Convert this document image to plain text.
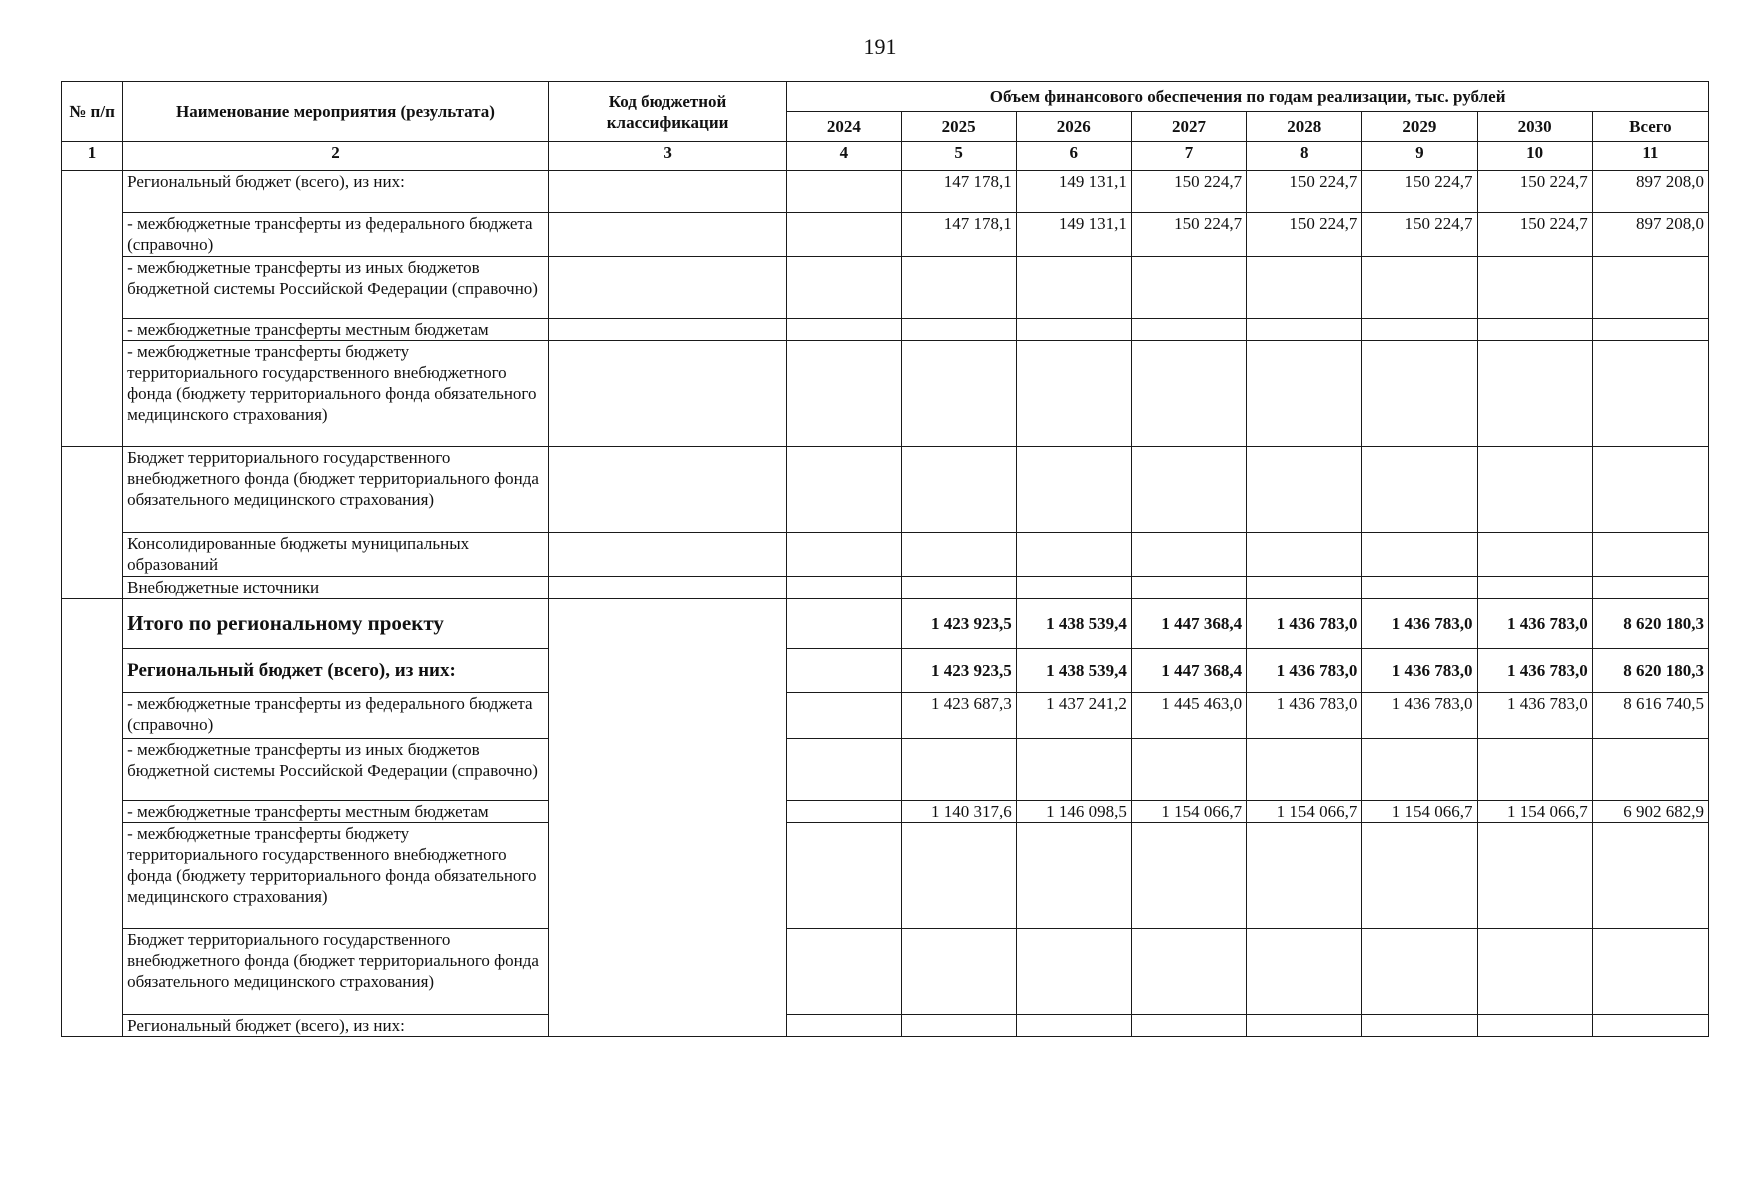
191
№ п/п	Наименование мероприятия (результата)	Код бюджетной классификации	Объем финансового обеспечения по годам реализации, тыс. рублей							
			2024	2025	2026	2027	2028	2029	2030	Всего
1	2	3	4	5	6	7	8	9	10	11
	Региональный бюджет (всего), из них:			147 178,1	149 131,1	150 224,7	150 224,7	150 224,7	150 224,7	897 208,0
	- межбюджетные трансферты из федерального бюджета (справочно)			147 178,1	149 131,1	150 224,7	150 224,7	150 224,7	150 224,7	897 208,0
	- межбюджетные трансферты из иных бюджетов бюджетной системы Российской Федерации (справочно)									
	- межбюджетные трансферты местным бюджетам									
	- межбюджетные трансферты бюджету территориального государственного внебюджетного фонда (бюджету территориального фонда обязательного медицинского страхования)									
	Бюджет территориального государственного внебюджетного фонда (бюджет территориального фонда обязательного медицинского страхования)									
	Консолидированные бюджеты муниципальных образований									
	Внебюджетные источники									
	Итого по региональному проекту			1 423 923,5	1 438 539,4	1 447 368,4	1 436 783,0	1 436 783,0	1 436 783,0	8 620 180,3
	Региональный бюджет (всего), из них:			1 423 923,5	1 438 539,4	1 447 368,4	1 436 783,0	1 436 783,0	1 436 783,0	8 620 180,3
	- межбюджетные трансферты из федерального бюджета (справочно)			1 423 687,3	1 437 241,2	1 445 463,0	1 436 783,0	1 436 783,0	1 436 783,0	8 616 740,5
	- межбюджетные трансферты из иных бюджетов бюджетной системы Российской Федерации (справочно)									
	- межбюджетные трансферты местным бюджетам			1 140 317,6	1 146 098,5	1 154 066,7	1 154 066,7	1 154 066,7	1 154 066,7	6 902 682,9
	- межбюджетные трансферты бюджету территориального государственного внебюджетного фонда (бюджету территориального фонда обязательного медицинского страхования)									
	Бюджет территориального государственного внебюджетного фонда (бюджет территориального фонда обязательного медицинского страхования)									
	Региональный бюджет (всего), из них:									
